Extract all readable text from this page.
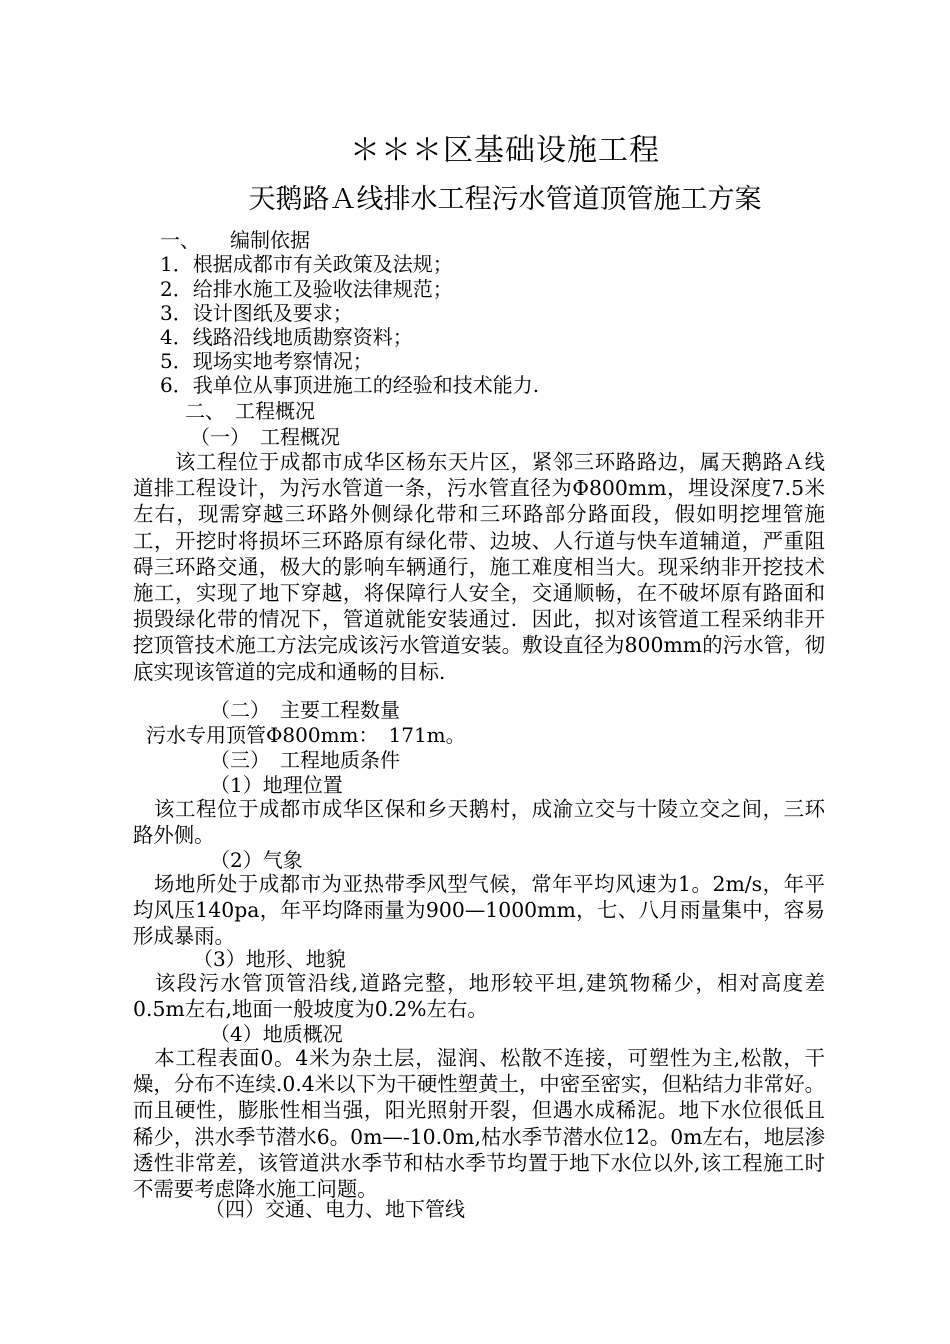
＊＊＊区基础设施工程
天鹅路Ａ线排水工程污水管道顶管施工方案
一、　　编制依据
1．根据成都市有关政策及法规；
2．给排水施工及验收法律规范；
3．设计图纸及要求；
4．线路沿线地质勘察资料；
5．现场实地考察情况；
6．我单位从事顶进施工的经验和技术能力.
二、　工程概况
（一）　工程概况
　　该工程位于成都市成华区杨东天片区，紧邻三环路路边，属天鹅路Ａ线道排工程设计，为污水管道一条，污水管直径为Φ800mm，埋设深度7.5米左右，现需穿越三环路外侧绿化带和三环路部分路面段，假如明挖埋管施工，开挖时将损坏三环路原有绿化带、边坡、人行道与快车道辅道，严重阻碍三环路交通，极大的影响车辆通行，施工难度相当大。现采纳非开挖技术施工，实现了地下穿越，将保障行人安全，交通顺畅，在不破坏原有路面和损毁绿化带的情况下，管道就能安装通过．因此，拟对该管道工程采纳非开挖顶管技术施工方法完成该污水管道安装。敷设直径为800mm的污水管，彻底实现该管道的完成和通畅的目标.
（二）　主要工程数量
污水专用顶管Φ800mm：　171m。
（三）　工程地质条件
（1）地理位置
　该工程位于成都市成华区保和乡天鹅村，成渝立交与十陵立交之间，三环路外侧。
（2）气象
　场地所处于成都市为亚热带季风型气候，常年平均风速为1。2m/s，年平均风压140pa，年平均降雨量为900—1000mm，七、八月雨量集中，容易形成暴雨。
（3）地形、地貌
　该段污水管顶管沿线,道路完整，地形较平坦,建筑物稀少，相对高度差0.5m左右,地面一般坡度为0.2%左右。
（4）地质概况
　本工程表面0。4米为杂土层，湿润、松散不连接，可塑性为主,松散，干燥，分布不连续.0.4米以下为干硬性塑黄土，中密至密实，但粘结力非常好。而且硬性，膨胀性相当强，阳光照射开裂，但遇水成稀泥。地下水位很低且稀少，洪水季节潜水6。0m—-10.0m,枯水季节潜水位12。0m左右，地层渗透性非常差，该管道洪水季节和枯水季节均置于地下水位以外,该工程施工时不需要考虑降水施工问题。
（四）交通、电力、地下管线
